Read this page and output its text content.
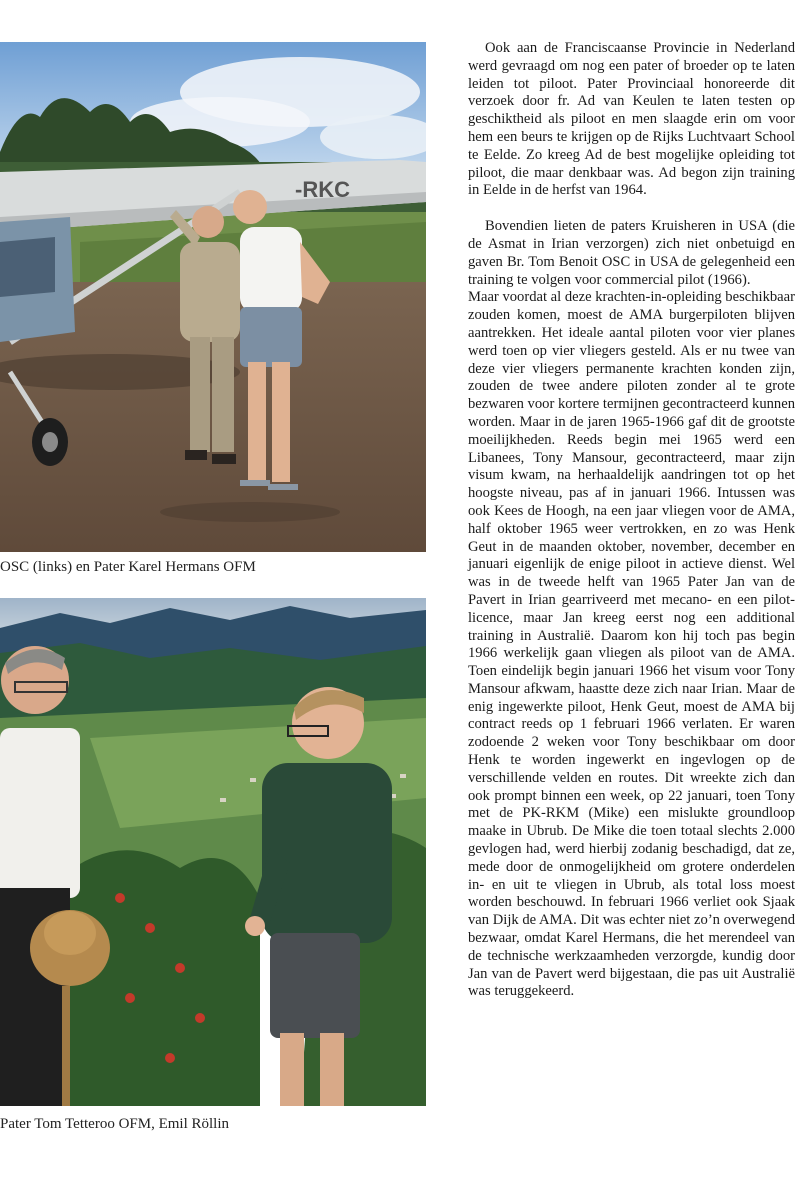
-RKC
OSC (links) en Pater Karel Hermans OFM
Pater Tom Tetteroo OFM, Emil Röllin

Ook aan de Franciscaanse Provincie in Nederland werd gevraagd om nog een pater of broeder op te laten leiden tot piloot. Pater Provinciaal honoreerde dit verzoek door fr. Ad van Keulen te laten testen op geschiktheid als piloot en men slaagde erin om voor hem een beurs te krijgen op de Rijks Luchtvaart School te Eelde. Zo kreeg Ad de best mogelijke opleiding tot piloot, die maar denkbaar was. Ad begon zijn training in Eelde in de herfst van 1964.

Bovendien lieten de paters Kruisheren in USA (die de Asmat in Irian verzorgen) zich niet onbetuigd en gaven Br. Tom Benoit OSC in USA de gelegenheid een training te volgen voor commercial pilot (1966).

Maar voordat al deze krachten-in-opleiding beschikbaar zouden komen, moest de AMA burgerpiloten blijven aantrekken. Het ideale aantal piloten voor vier planes werd toen op vier vliegers gesteld. Als er nu twee van deze vier vliegers permanente krachten konden zijn, zouden de twee andere piloten zonder al te grote bezwaren voor kortere termijnen gecontracteerd kunnen worden. Maar in de jaren 1965-1966 gaf dit de grootste moeilijkheden. Reeds begin mei 1965 werd een Libanees, Tony Mansour, gecontracteerd, maar zijn visum kwam, na herhaaldelijk aandringen tot op het hoogste niveau, pas af in januari 1966. Intussen was ook Kees de Hoogh, na een jaar vliegen voor de AMA, half oktober 1965 weer vertrokken, en zo was Henk Geut in de maanden oktober, november, december en januari eigenlijk de enige piloot in actieve dienst. Wel was in de tweede helft van 1965 Pater Jan van de Pavert in Irian gearriveerd met mecano- en een pilot-licence, maar Jan kreeg eerst nog een additional training in Australië. Daarom kon hij toch pas begin 1966 werkelijk gaan vliegen als piloot van de AMA. Toen eindelijk begin januari 1966 het visum voor Tony Mansour afkwam, haastte deze zich naar Irian. Maar de enig ingewerkte piloot, Henk Geut, moest de AMA bij contract reeds op 1 februari 1966 verlaten. Er waren zodoende 2 weken voor Tony beschikbaar om door Henk te worden ingewerkt en ingevlogen op de verschillende velden en routes. Dit wreekte zich dan ook prompt binnen een week, op 22 januari, toen Tony met de PK-RKM (Mike) een mislukte groundloop maake in Ubrub. De Mike die toen totaal slechts 2.000 gevlogen had, werd hierbij zodanig beschadigd, dat ze, mede door de onmogelijkheid om grotere onderdelen in- en uit te vliegen in Ubrub, als total loss moest worden beschouwd. In februari 1966 verliet ook Sjaak van Dijk de AMA. Dit was echter niet zo’n overwegend bezwaar, omdat Karel Hermans, die het merendeel van de technische werkzaamheden verzorgde, kundig door Jan van de Pavert werd bijgestaan, die pas uit Australië was teruggekeerd.
